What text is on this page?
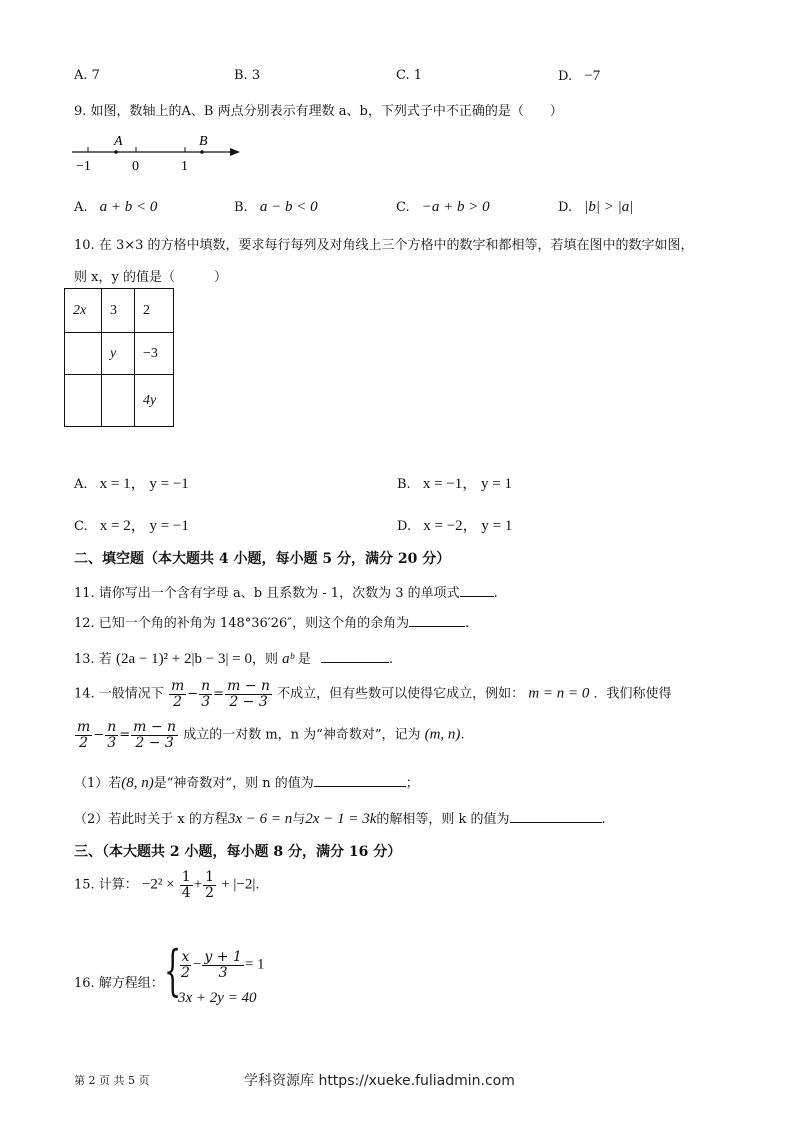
A. 7	B. 3	C. 1	D. −7
9. 如图，数轴上的A、B 两点分别表示有理数 a、b，下列式子中不正确的是（　　）
−1	0	1
A	B
A. a + b < 0	B. a − b < 0	C. −a + b > 0	D. |b| > |a|
10. 在 3×3 的方格中填数，要求每行每列及对角线上三个方格中的数字和都相等，若填在图中的数字如图，
则 x，y 的值是（　　　）
2x	3	2
	y	−3
		4y
A. x = 1， y = −1	B. x = −1， y = 1
C. x = 2， y = −1	D. x = −2， y = 1
二、填空题（本大题共 4 小题，每小题 5 分，满分 20 分）
11. 请你写出一个含有字母 a、b 且系数为 - 1，次数为 3 的单项式	.
12. 已知一个角的补角为 148°36′26″，则这个角的余角为	.
13. 若 (2a − 1)² + 2|b − 3| = 0，则 aᵇ 是	.
14. 一般情况下 $\frac{m}{2} - \frac{n}{3} = \frac{m - n}{2 - 3}$ 不成立，但有些数可以使得它成立，例如： m = n = 0 ．我们称使得
$\frac{m}{2} - \frac{n}{3} = \frac{m - n}{2 - 3}$ 成立的一对数 m，n 为“神奇数对”，记为 (m, n).
（1）若(8, n)是“神奇数对”，则 n 的值为	；
（2）若此时关于 x 的方程3x − 6 = n与2x − 1 = 3k的解相等，则 k 的值为	.
三、（本大题共 2 小题，每小题 8 分，满分 16 分）
15. 计算： $-2^2 \times \frac{1}{4} + \frac{1}{2} + |-2|$.
16. 解方程组： {
$\frac{x}{2} - \frac{y + 1}{3} = 1$
3x + 2y = 40
第 2 页 共 5 页	学科资源库 https://xueke.fuliadmin.com
